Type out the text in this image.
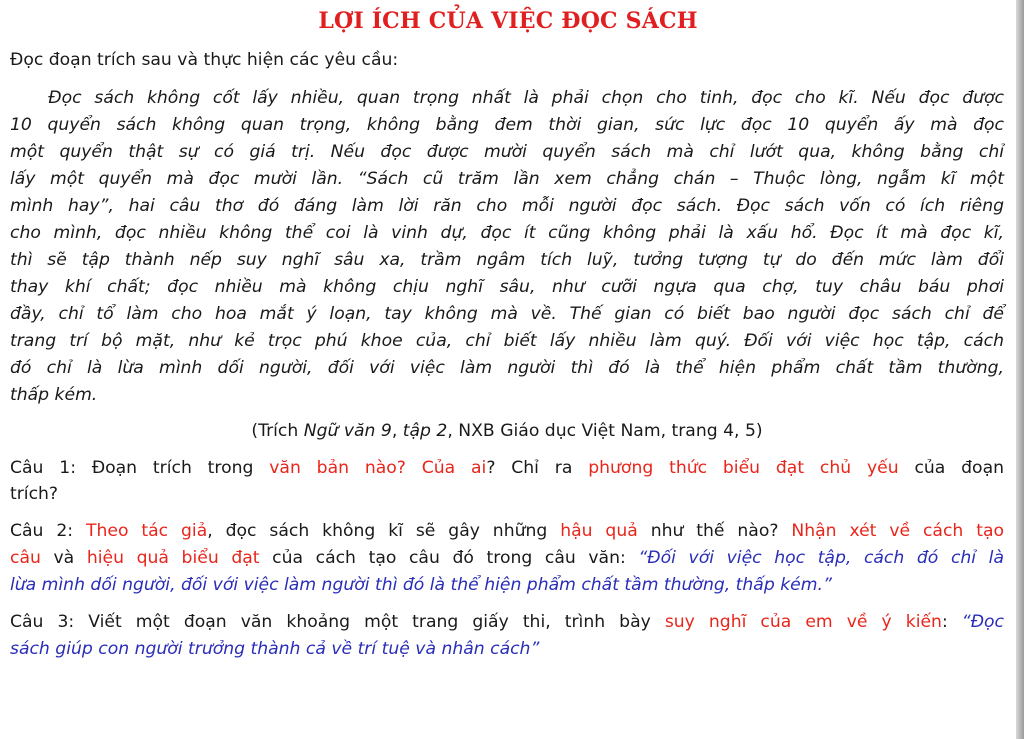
LỢI ÍCH CỦA VIỆC ĐỌC SÁCH
Đọc đoạn trích sau và thực hiện các yêu cầu:
Đọc sách không cốt lấy nhiều, quan trọng nhất là phải chọn cho tinh, đọc cho kĩ. Nếu đọc được
10 quyển sách không quan trọng, không bằng đem thời gian, sức lực đọc 10 quyển ấy mà đọc
một quyển thật sự có giá trị. Nếu đọc được mười quyển sách mà chỉ lướt qua, không bằng chỉ
lấy một quyển mà đọc mười lần. “Sách cũ trăm lần xem chẳng chán – Thuộc lòng, ngẫm kĩ một
mình hay”, hai câu thơ đó đáng làm lời răn cho mỗi người đọc sách. Đọc sách vốn có ích riêng
cho mình, đọc nhiều không thể coi là vinh dự, đọc ít cũng không phải là xấu hổ. Đọc ít mà đọc kĩ,
thì sẽ tập thành nếp suy nghĩ sâu xa, trầm ngâm tích luỹ, tưởng tượng tự do đến mức làm đổi
thay khí chất; đọc nhiều mà không chịu nghĩ sâu, như cưỡi ngựa qua chợ, tuy châu báu phơi
đầy, chỉ tổ làm cho hoa mắt ý loạn, tay không mà về. Thế gian có biết bao người đọc sách chỉ để
trang trí bộ mặt, như kẻ trọc phú khoe của, chỉ biết lấy nhiều làm quý. Đối với việc học tập, cách
đó chỉ là lừa mình dối người, đối với việc làm người thì đó là thể hiện phẩm chất tầm thường,
thấp kém.
(Trích Ngữ văn 9, tập 2, NXB Giáo dục Việt Nam, trang 4, 5)
Câu 1: Đoạn trích trong văn bản nào? Của ai? Chỉ ra phương thức biểu đạt chủ yếu của đoạn
trích?
Câu 2: Theo tác giả, đọc sách không kĩ sẽ gây những hậu quả như thế nào? Nhận xét về cách tạo
câu và hiệu quả biểu đạt của cách tạo câu đó trong câu văn: “Đối với việc học tập, cách đó chỉ là
lừa mình dối người, đối với việc làm người thì đó là thể hiện phẩm chất tầm thường, thấp kém.”
Câu 3: Viết một đoạn văn khoảng một trang giấy thi, trình bày suy nghĩ của em về ý kiến: “Đọc
sách giúp con người trưởng thành cả về trí tuệ và nhân cách”
